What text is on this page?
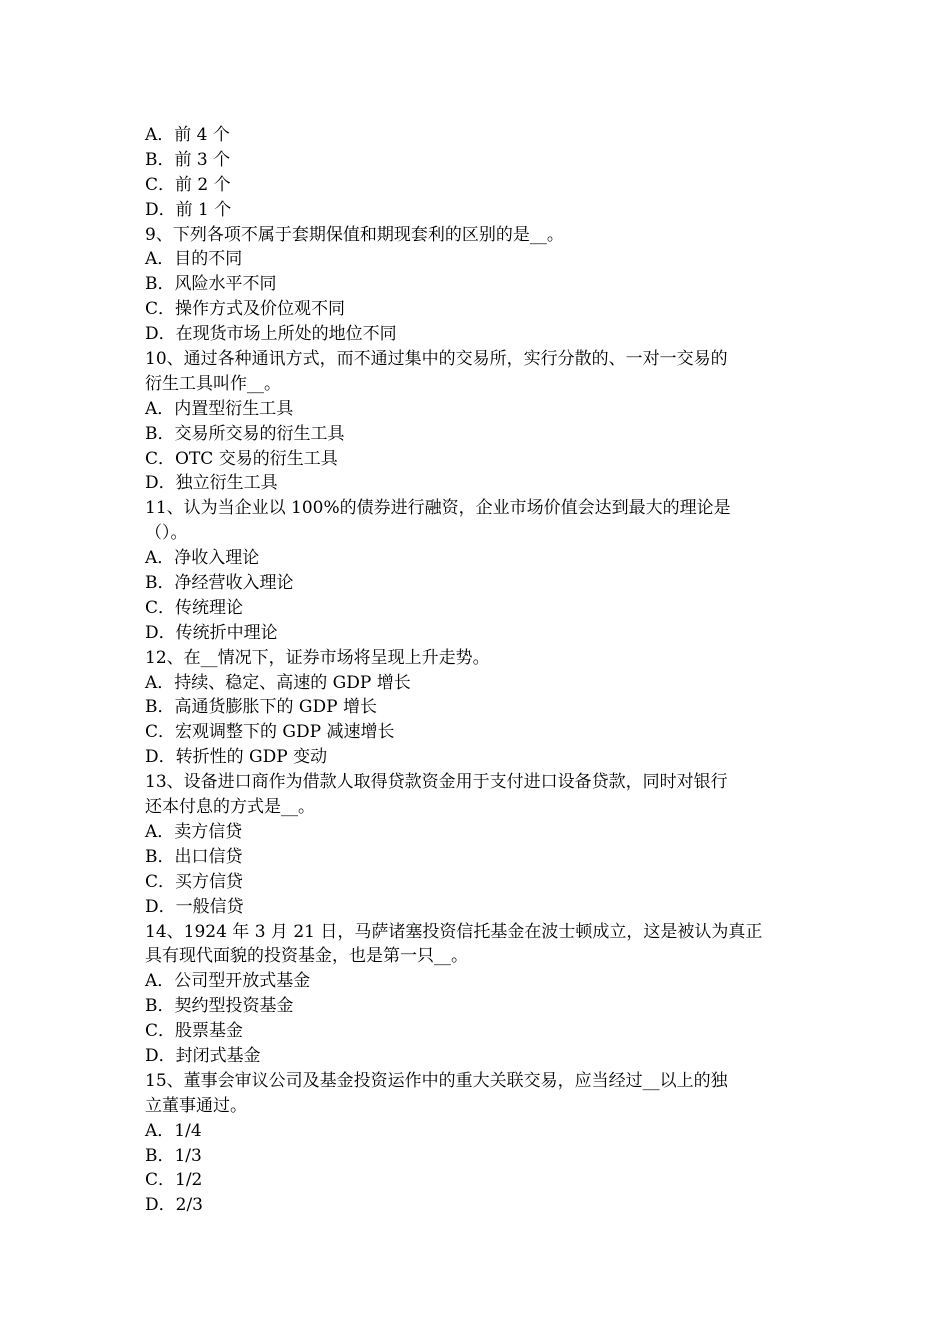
A．前 4 个
B．前 3 个
C．前 2 个
D．前 1 个
9、下列各项不属于套期保值和期现套利的区别的是__。
A．目的不同
B．风险水平不同
C．操作方式及价位观不同
D．在现货市场上所处的地位不同
10、通过各种通讯方式，而不通过集中的交易所，实行分散的、一对一交易的
衍生工具叫作__。
A．内置型衍生工具
B．交易所交易的衍生工具
C．OTC 交易的衍生工具
D．独立衍生工具
11、认为当企业以 100%的债券进行融资，企业市场价值会达到最大的理论是
（）。
A．净收入理论
B．净经营收入理论
C．传统理论
D．传统折中理论
12、在__情况下，证券市场将呈现上升走势。
A．持续、稳定、高速的 GDP 增长
B．高通货膨胀下的 GDP 增长
C．宏观调整下的 GDP 减速增长
D．转折性的 GDP 变动
13、设备进口商作为借款人取得贷款资金用于支付进口设备贷款，同时对银行
还本付息的方式是__。
A．卖方信贷
B．出口信贷
C．买方信贷
D．一般信贷
14、1924 年 3 月 21 日，马萨诸塞投资信托基金在波士顿成立，这是被认为真正
具有现代面貌的投资基金，也是第一只__。
A．公司型开放式基金
B．契约型投资基金
C．股票基金
D．封闭式基金
15、董事会审议公司及基金投资运作中的重大关联交易，应当经过__以上的独
立董事通过。
A．1/4
B．1/3
C．1/2
D．2/3
